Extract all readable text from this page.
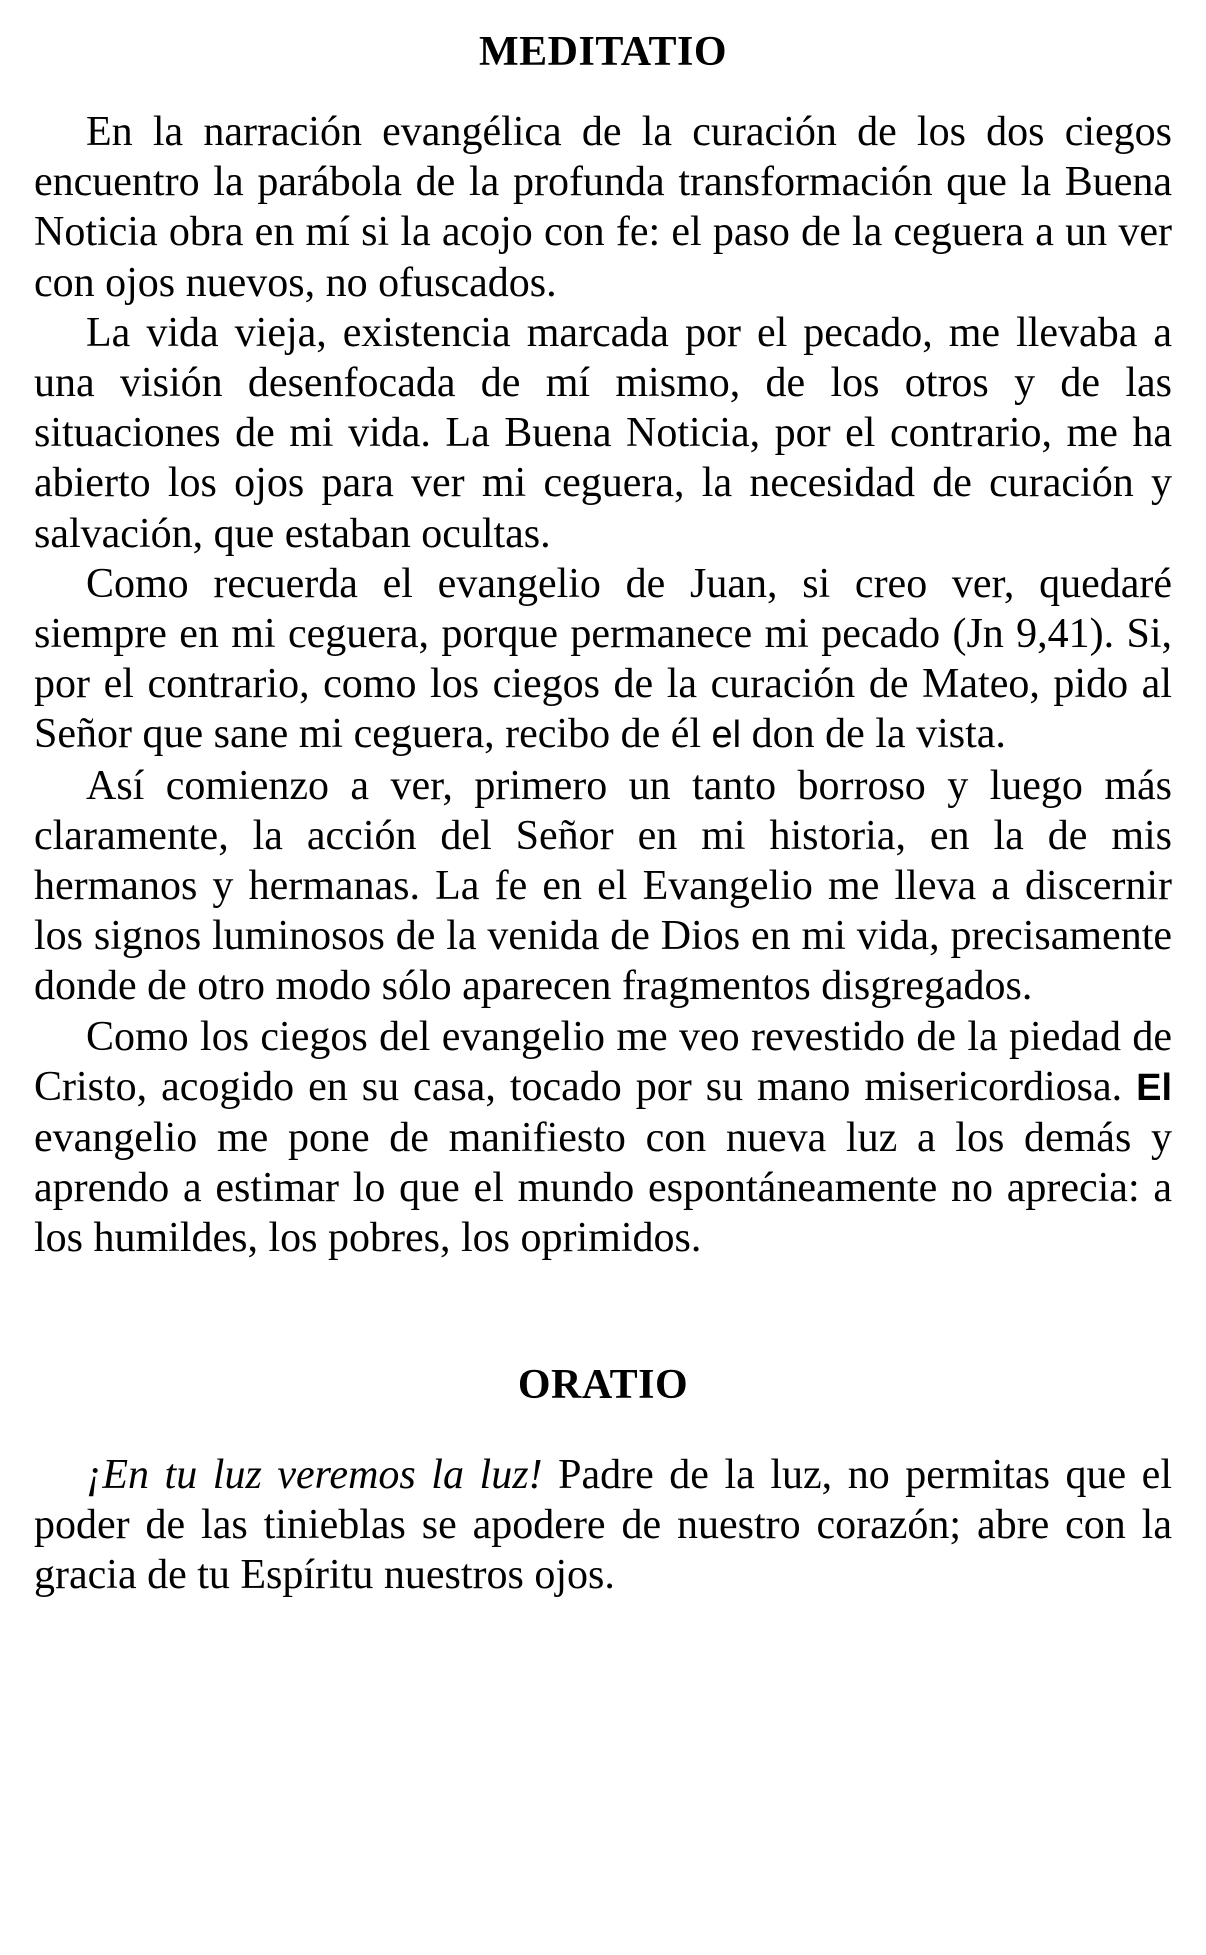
MEDITATIO

En la narración evangélica de la curación de los dos ciegos encuentro la parábola de la profunda transformación que la Buena Noticia obra en mí si la acojo con fe: el paso de la ceguera a un ver con ojos nuevos, no ofuscados.

La vida vieja, existencia marcada por el pecado, me llevaba a una visión desenfocada de mí mismo, de los otros y de las situaciones de mi vida. La Buena Noticia, por el contrario, me ha abierto los ojos para ver mi ceguera, la necesidad de curación y salvación, que estaban ocultas.

Como recuerda el evangelio de Juan, si creo ver, quedaré siempre en mi ceguera, porque permanece mi pecado (Jn 9,41). Si, por el contrario, como los ciegos de la curación de Mateo, pido al Señor que sane mi ceguera, recibo de él el don de la vista.

Así comienzo a ver, primero un tanto borroso y luego más claramente, la acción del Señor en mi historia, en la de mis hermanos y hermanas. La fe en el Evangelio me lleva a discernir los signos luminosos de la venida de Dios en mi vida, precisamente donde de otro modo sólo aparecen fragmentos disgregados.

Como los ciegos del evangelio me veo revestido de la piedad de Cristo, acogido en su casa, tocado por su mano misericordiosa. El evangelio me pone de manifiesto con nueva luz a los demás y aprendo a estimar lo que el mundo espontáneamente no aprecia: a los humildes, los pobres, los oprimidos.

ORATIO

¡En tu luz veremos la luz! Padre de la luz, no permitas que el poder de las tinieblas se apodere de nuestro corazón; abre con la gracia de tu Espíritu nuestros ojos.
